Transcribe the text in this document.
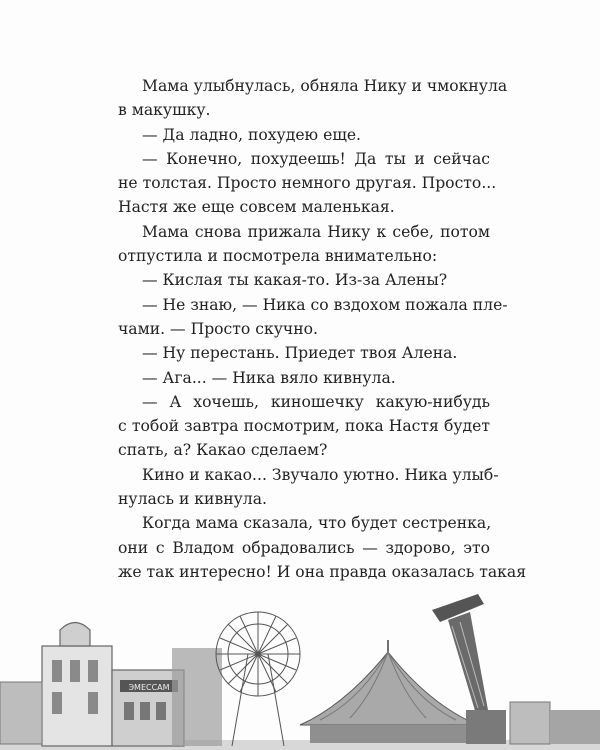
Мама улыбнулась, обняла Нику и чмокнула
в макушку.
— Да ладно, похудею еще.
— Конечно, похудеешь! Да ты и сейчас
не толстая. Просто немного другая. Просто...
Настя же еще совсем маленькая.
Мама снова прижала Нику к себе, потом
отпустила и посмотрела внимательно:
— Кислая ты какая-то. Из-за Алены?
— Не знаю, — Ника со вздохом пожала пле-
чами. — Просто скучно.
— Ну перестань. Приедет твоя Алена.
— Ага... — Ника вяло кивнула.
— А хочешь, киношечку какую-нибудь
с тобой завтра посмотрим, пока Настя будет
спать, а? Какао сделаем?
Кино и какао... Звучало уютно. Ника улыб-
нулась и кивнула.
Когда мама сказала, что будет сестренка,
они с Владом обрадовались — здорово, это
же так интересно! И она правда оказалась такая
ЭМЕССАМ
